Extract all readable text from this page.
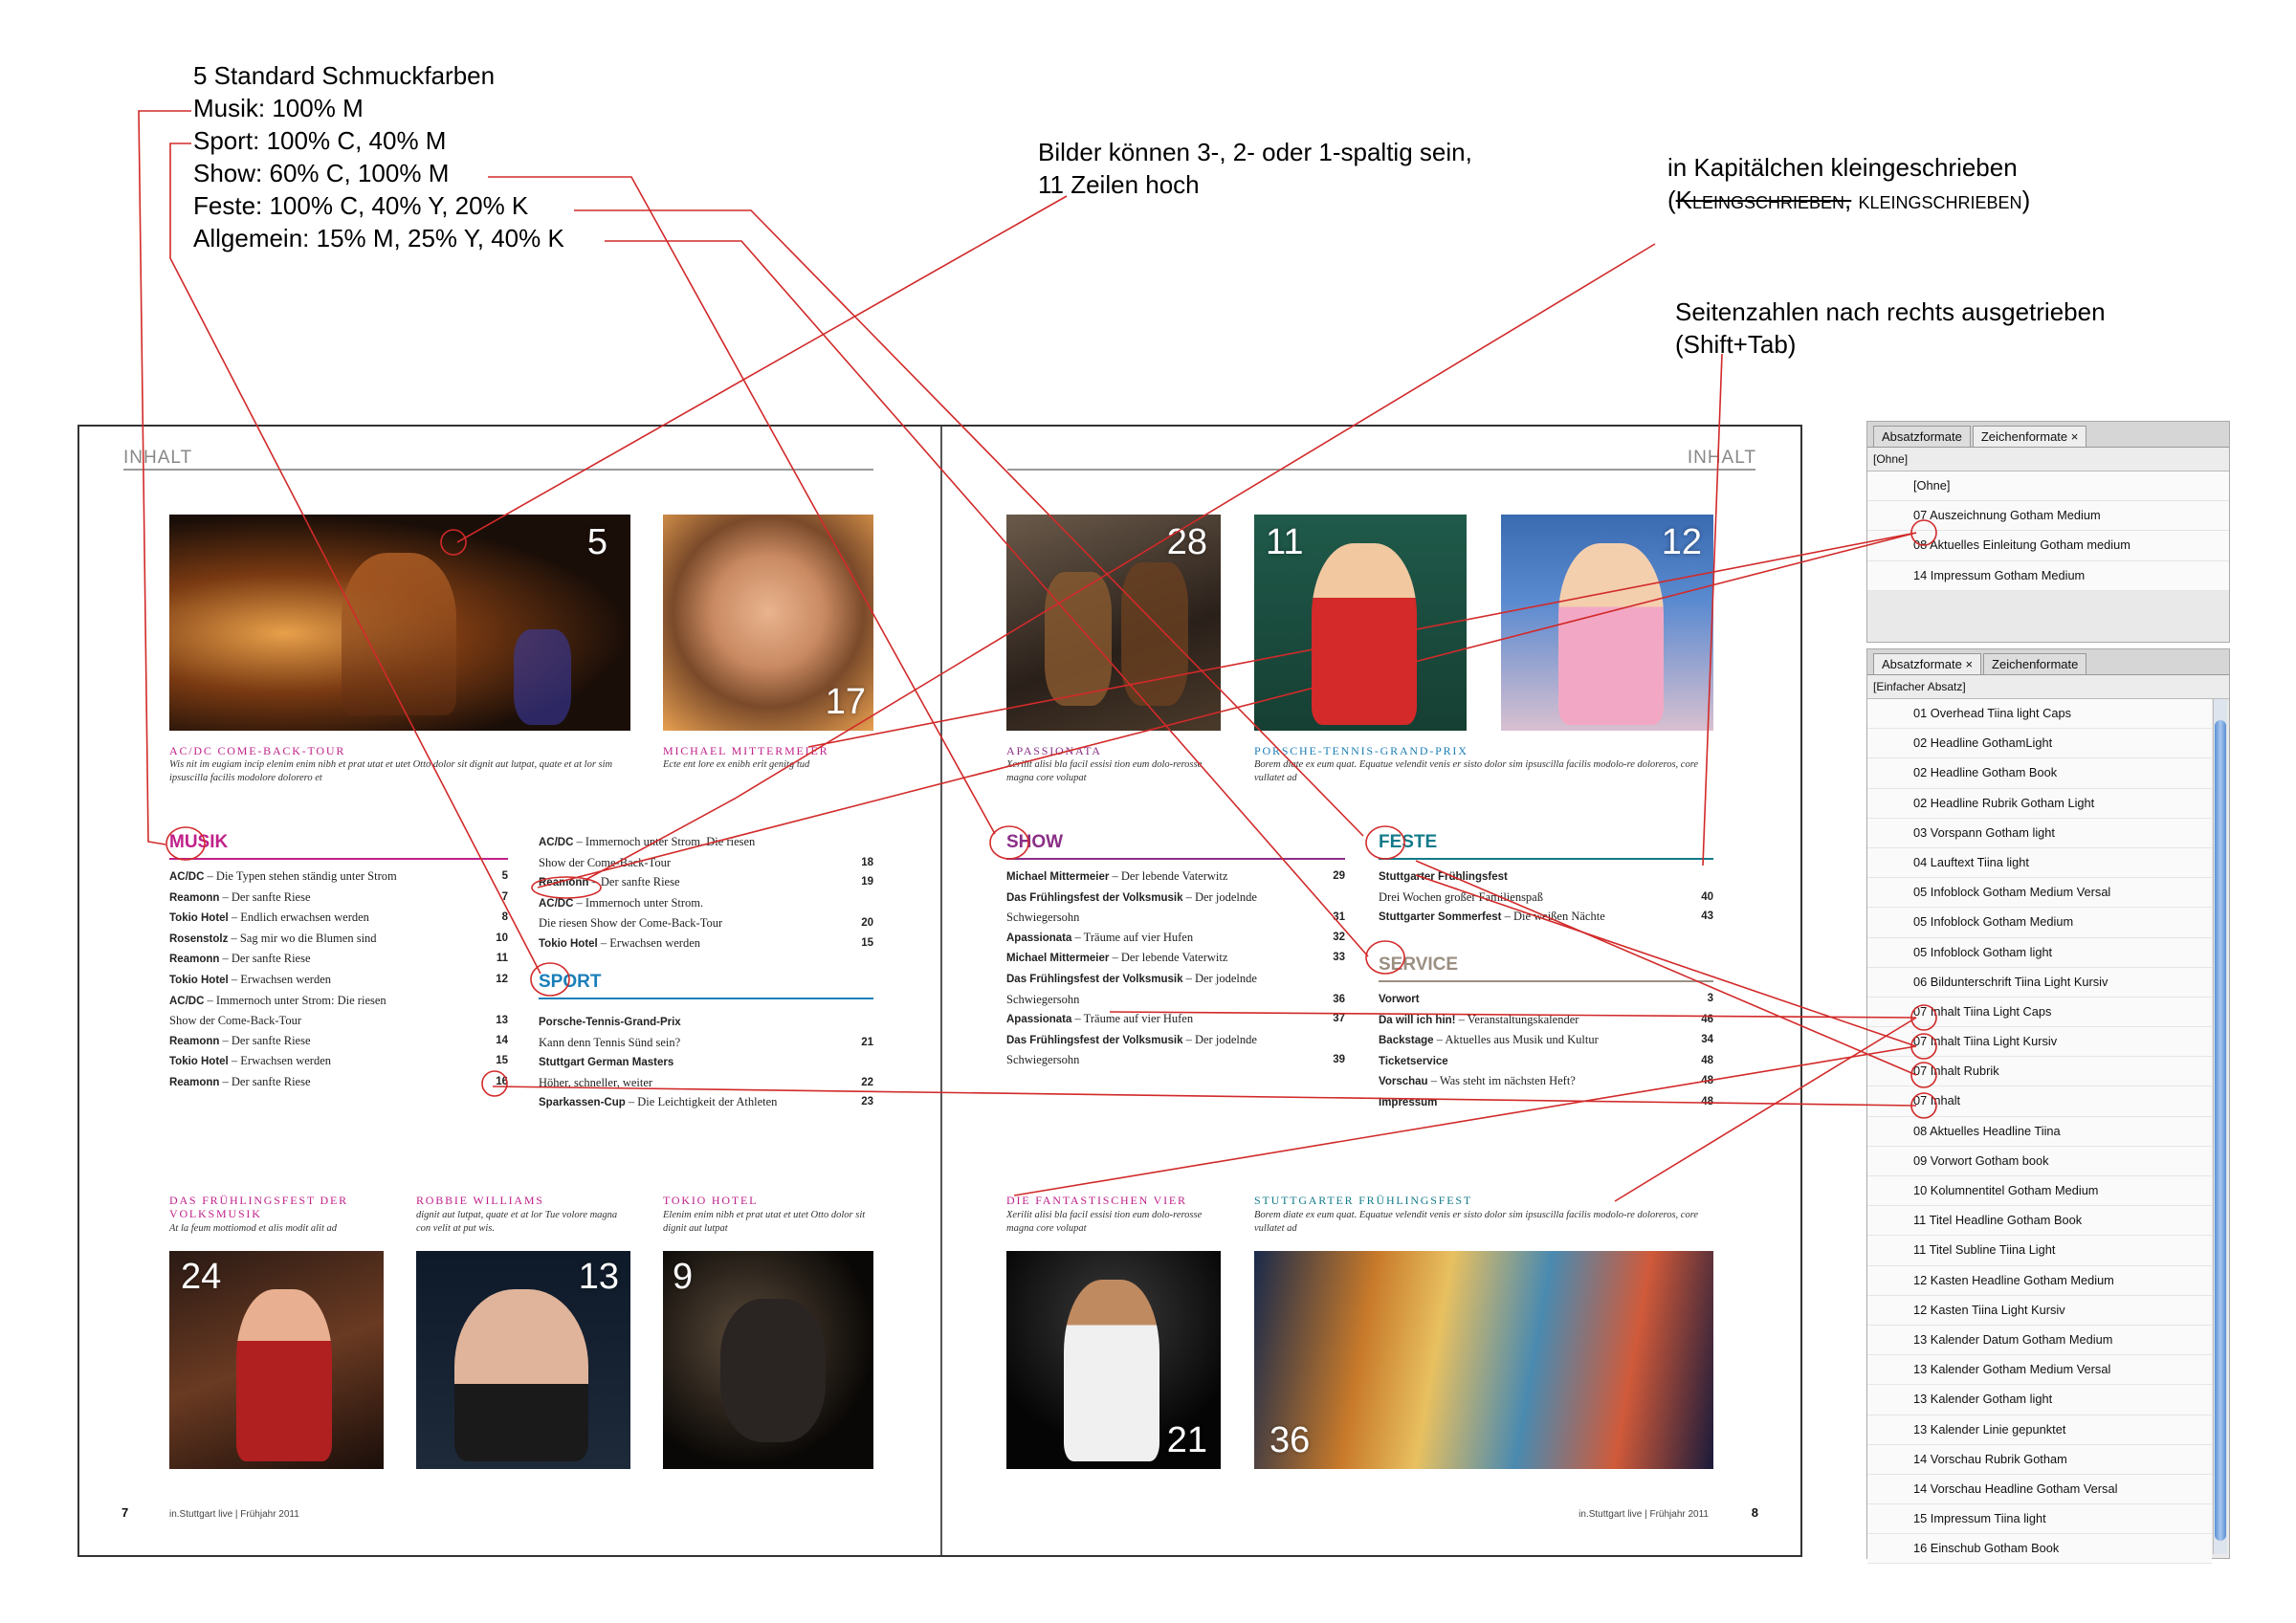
5 Standard Schmuckfarben
Musik: 100% M
Sport: 100% C, 40% M
Show: 60% C, 100% M
Feste: 100% C, 40% Y, 20% K
Allgemein: 15% M, 25% Y, 40% K
Bilder können 3-, 2- oder 1-spaltig sein,
11 Zeilen hoch
in Kapitälchen kleingeschrieben
(Kleingschrieben, kleingschrieben)
Seitenzahlen nach rechts ausgetrieben
(Shift+Tab)
INHALT	INHALT
5
17
28 11	12
AC/DC COME-BACK-TOUR
Wis nit im eugiam incip elenim enim nibh et prat utat et utet Otto dolor sit dignit aut lutpat, quate et at lor sim ipsuscilla facilis modolore dolorero et
MICHAEL MITTERMEIER
Ecte ent lore ex enibh erit genitg tud
APASSIONATA
Xerilit alisi bla facil essisi tion eum dolo-rerosse magna core volupat
PORSCHE-TENNIS-GRAND-PRIX
Borem diate ex eum quat. Equatue velendit venis er sisto dolor sim ipsuscilla facilis modolo-re doloreros, core vullatet ad
MUSIK
SPORT
SHOW	FESTE
SERVICE
AC/DC – Die Typen stehen ständig unter Strom	5
Reamonn – Der sanfte Riese	7
Tokio Hotel – Endlich erwachsen werden	8
Rosenstolz – Sag mir wo die Blumen sind	10
Reamonn – Der sanfte Riese	11
Tokio Hotel – Erwachsen werden	12
AC/DC – Immernoch unter Strom: Die riesen
Show der Come-Back-Tour	13
Reamonn – Der sanfte Riese	14
Tokio Hotel – Erwachsen werden	15
Reamonn – Der sanfte Riese	16
AC/DC – Immernoch unter Strom. Die riesen
Show der Come-Back-Tour	18
Reamonn – Der sanfte Riese	19
AC/DC – Immernoch unter Strom.
Die riesen Show der Come-Back-Tour	20
Tokio Hotel – Erwachsen werden	15
Porsche-Tennis-Grand-Prix
Kann denn Tennis Sünd sein?	21
Stuttgart German Masters
Höher, schneller, weiter	22
Sparkassen-Cup – Die Leichtigkeit der Athleten	23
Michael Mittermeier – Der lebende Vaterwitz	29
Das Frühlingsfest der Volksmusik – Der jodelnde
Schwiegersohn	31
Apassionata – Träume auf vier Hufen	32
Michael Mittermeier – Der lebende Vaterwitz	33
Das Frühlingsfest der Volksmusik – Der jodelnde
Schwiegersohn	36
Apassionata – Träume auf vier Hufen	37
Das Frühlingsfest der Volksmusik – Der jodelnde
Schwiegersohn	39
Stuttgarter Frühlingsfest
Drei Wochen großer Familienspaß	40
Stuttgarter Sommerfest – Die weißen Nächte	43
Vorwort	3
Da will ich hin! – Veranstaltungskalender	46
Backstage – Aktuelles aus Musik und Kultur	34
Ticketservice	48
Vorschau – Was steht im nächsten Heft?	48
Impressum	48
DAS FRÜHLINGSFEST DER VOLKSMUSIK
At la feum mottiomod et alis modit alit ad
ROBBIE WILLIAMS
dignit aut lutpat, quate et at lor Tue volore magna con velit at put wis.
TOKIO HOTEL
Elenim enim nibh et prat utat et utet Otto dolor sit dignit aut lutpat
DIE FANTASTISCHEN VIER
Xerilit alisi bla facil essisi tion eum dolo-rerosse magna core volupat
STUTTGARTER FRÜHLINGSFEST
Borem diate ex eum quat. Equatue velendit venis er sisto dolor sim ipsuscilla facilis modolo-re doloreros, core vullatet ad
24	13 9
21 36
7	in.Stuttgart live | Frühjahr 2011	in.Stuttgart live | Frühjahr 2011	8
Absatzformate	Zeichenformate ×
[Ohne]
[Ohne]
07 Auszeichnung Gotham Medium
08 Aktuelles Einleitung Gotham medium
14 Impressum Gotham Medium
Absatzformate ×	Zeichenformate
[Einfacher Absatz]
01 Overhead Tiina light Caps
02 Headline GothamLight
02 Headline Gotham Book
02 Headline Rubrik Gotham Light
03 Vorspann Gotham light
04 Lauftext Tiina light
05 Infoblock Gotham Medium Versal
05 Infoblock Gotham Medium
05 Infoblock Gotham light
06 Bildunterschrift Tiina Light Kursiv
07 Inhalt Tiina Light Caps
07 Inhalt Tiina Light Kursiv
07 Inhalt Rubrik
07 Inhalt
08 Aktuelles Headline Tiina
09 Vorwort Gotham book
10 Kolumnentitel Gotham Medium
11 Titel Headline Gotham Book
11 Titel Subline Tiina Light
12 Kasten Headline Gotham Medium
12 Kasten Tiina Light Kursiv
13 Kalender Datum Gotham Medium
13 Kalender Gotham Medium Versal
13 Kalender Gotham light
13 Kalender Linie gepunktet
14 Vorschau Rubrik Gotham
14 Vorschau Headline Gotham Versal
15 Impressum Tiina light
16 Einschub Gotham Book
